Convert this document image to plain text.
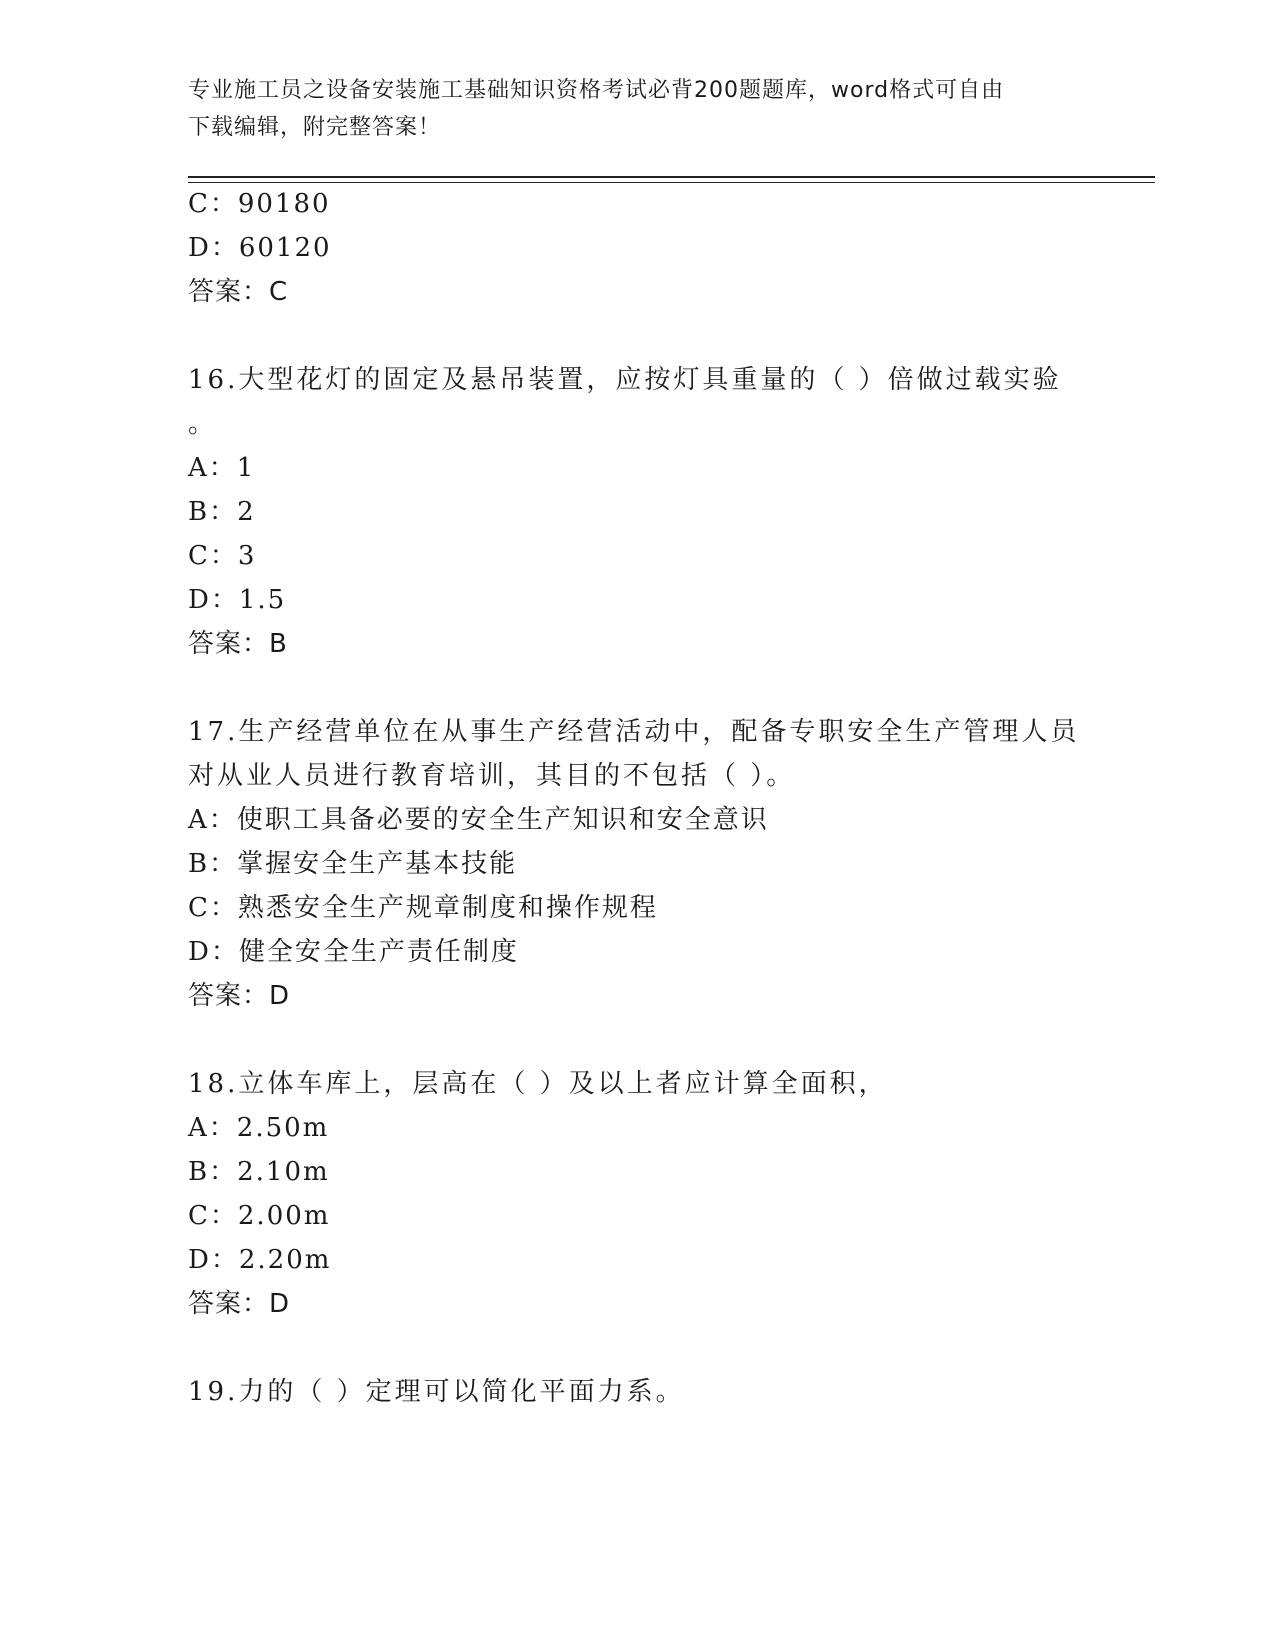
专业施工员之设备安装施工基础知识资格考试必背200题题库，word格式可自由
下载编辑，附完整答案！
C：90180
D：60120
答案：C
16.大型花灯的固定及悬吊装置，应按灯具重量的（ ）倍做过载实验
。
A：1
B：2
C：3
D：1.5
答案：B
17.生产经营单位在从事生产经营活动中，配备专职安全生产管理人员
对从业人员进行教育培训，其目的不包括（ ）。
A：使职工具备必要的安全生产知识和安全意识
B：掌握安全生产基本技能
C：熟悉安全生产规章制度和操作规程
D：健全安全生产责任制度
答案：D
18.立体车库上，层高在（ ）及以上者应计算全面积，
A：2.50m
B：2.10m
C：2.00m
D：2.20m
答案：D
19.力的（ ）定理可以简化平面力系。
